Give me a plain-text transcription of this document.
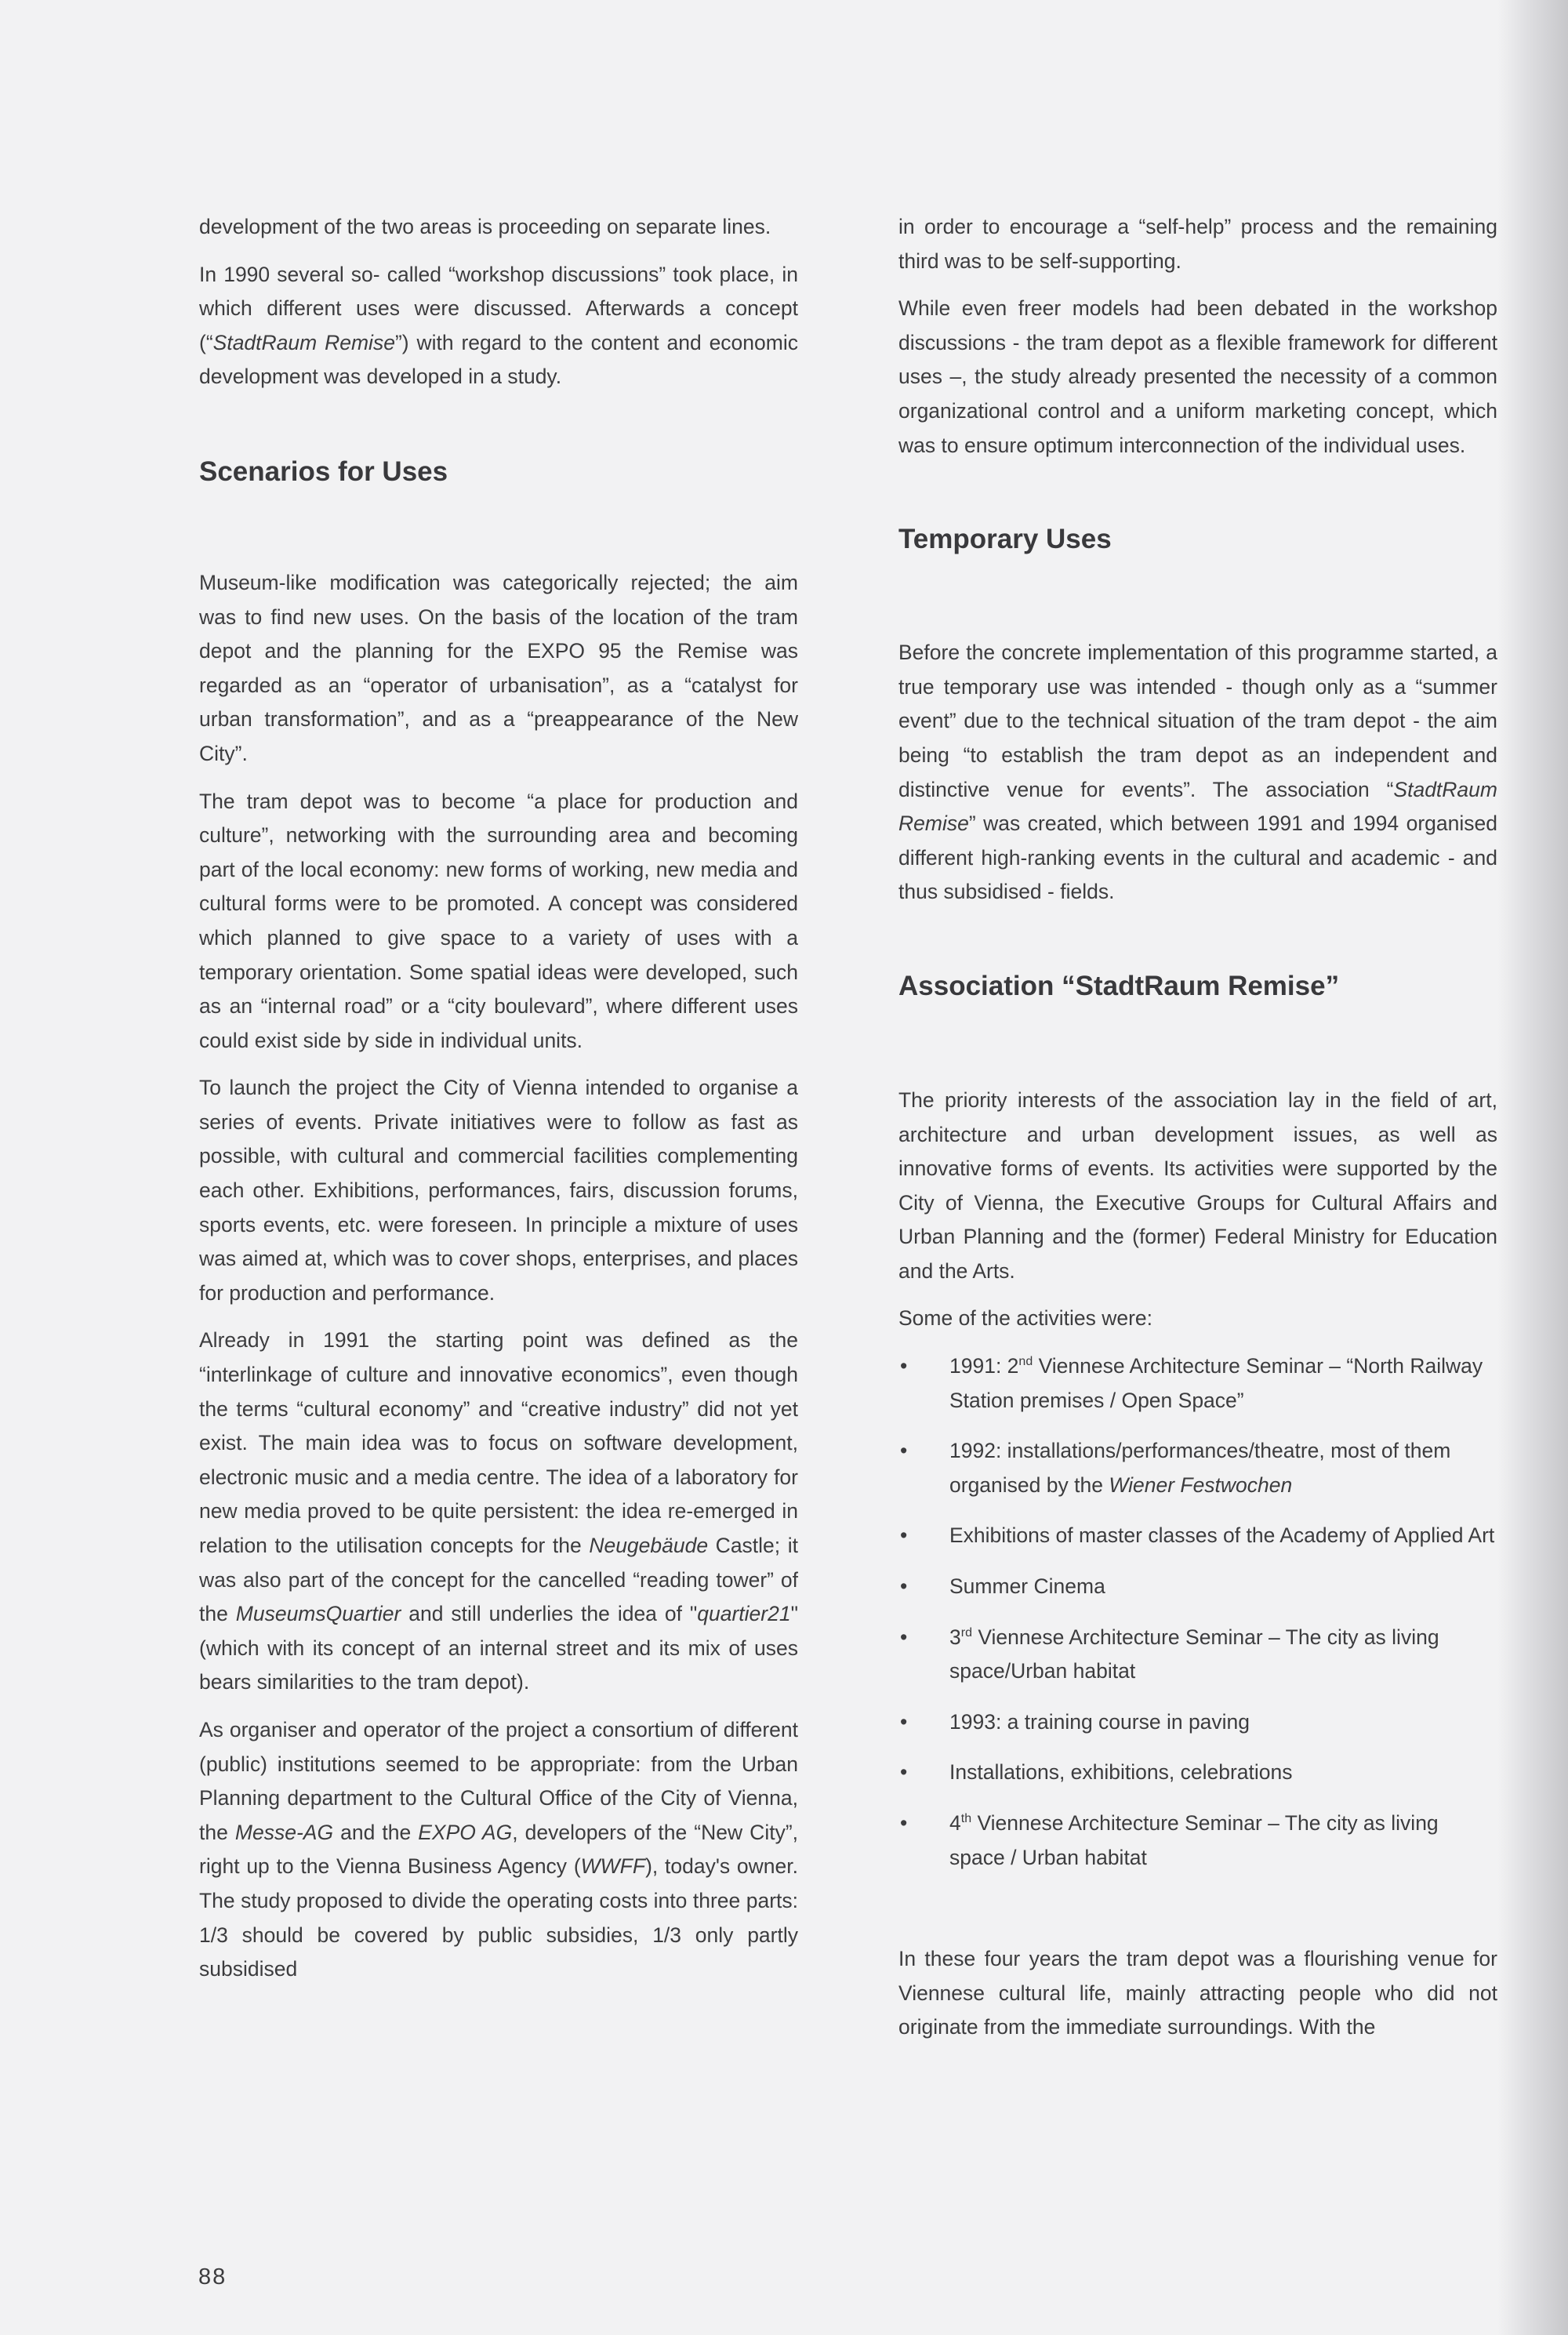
development of the two areas is proceeding on separate lines.

In 1990 several so- called “workshop discussions” took place, in which different uses were discussed. Afterwards a concept (“StadtRaum Remise”) with regard to the content and economic development was developed in a study.

Scenarios for Uses

Museum-like modification was categorically rejected; the aim was to find new uses. On the basis of the location of the tram depot and the planning for the EXPO 95 the Remise was regarded as an “operator of urbanisation”, as a “catalyst for urban transformation”, and as a “preappearance of the New City”.

The tram depot was to become “a place for production and culture”, networking with the surrounding area and becoming part of the local economy: new forms of working, new media and cultural forms were to be promoted. A concept was considered which planned to give space to a variety of uses with a temporary orientation. Some spatial ideas were developed, such as an “internal road” or a “city boulevard”, where different uses could exist side by side in individual units.

To launch the project the City of Vienna intended to organise a series of events. Private initiatives were to follow as fast as possible, with cultural and commercial facilities complementing each other. Exhibitions, performances, fairs, discussion forums, sports events, etc. were foreseen. In principle a mixture of uses was aimed at, which was to cover shops, enterprises, and places for production and performance.

Already in 1991 the starting point was defined as the “interlinkage of culture and innovative economics”, even though the terms “cultural economy” and “creative industry” did not yet exist. The main idea was to focus on software development, electronic music and a media centre. The idea of a laboratory for new media proved to be quite persistent: the idea re-emerged in relation to the utilisation concepts for the Neugebäude Castle; it was also part of the concept for the cancelled “reading tower” of the MuseumsQuartier and still underlies the idea of "quartier21" (which with its concept of an internal street and its mix of uses bears similarities to the tram depot).

As organiser and operator of the project a consortium of different (public) institutions seemed to be appropriate: from the Urban Planning department to the Cultural Office of the City of Vienna, the Messe-AG and the EXPO AG, developers of the “New City”, right up to the Vienna Business Agency (WWFF), today's owner. The study proposed to divide the operating costs into three parts: 1/3 should be covered by public subsidies, 1/3 only partly subsidised

in order to encourage a “self-help” process and the remaining third was to be self-supporting.

While even freer models had been debated in the workshop discussions - the tram depot as a flexible framework for different uses –, the study already presented the necessity of a common organizational control and a uniform marketing concept, which was to ensure optimum interconnection of the individual uses.

Temporary Uses

Before the concrete implementation of this programme started, a true temporary use was intended - though only as a “summer event” due to the technical situation of the tram depot - the aim being “to establish the tram depot as an independent and distinctive venue for events”. The association “StadtRaum Remise” was created, which between 1991 and 1994 organised different high-ranking events in the cultural and academic - and thus subsidised - fields.

Association “StadtRaum Remise”

The priority interests of the association lay in the field of art, architecture and urban development issues, as well as innovative forms of events. Its activities were supported by the City of Vienna, the Executive Groups for Cultural Affairs and Urban Planning and the (former) Federal Ministry for Education and the Arts.

Some of the activities were:

• 1991: 2nd Viennese Architecture Seminar – “North Railway Station premises / Open Space”
• 1992: installations/performances/theatre, most of them organised by the Wiener Festwochen
• Exhibitions of master classes of the Academy of Applied Art
• Summer Cinema
• 3rd Viennese Architecture Seminar – The city as living space/Urban habitat
• 1993: a training course in paving
• Installations, exhibitions, celebrations
• 4th Viennese Architecture Seminar – The city as living space / Urban habitat

In these four years the tram depot was a flourishing venue for Viennese cultural life, mainly attracting people who did not originate from the immediate surroundings. With the

88
